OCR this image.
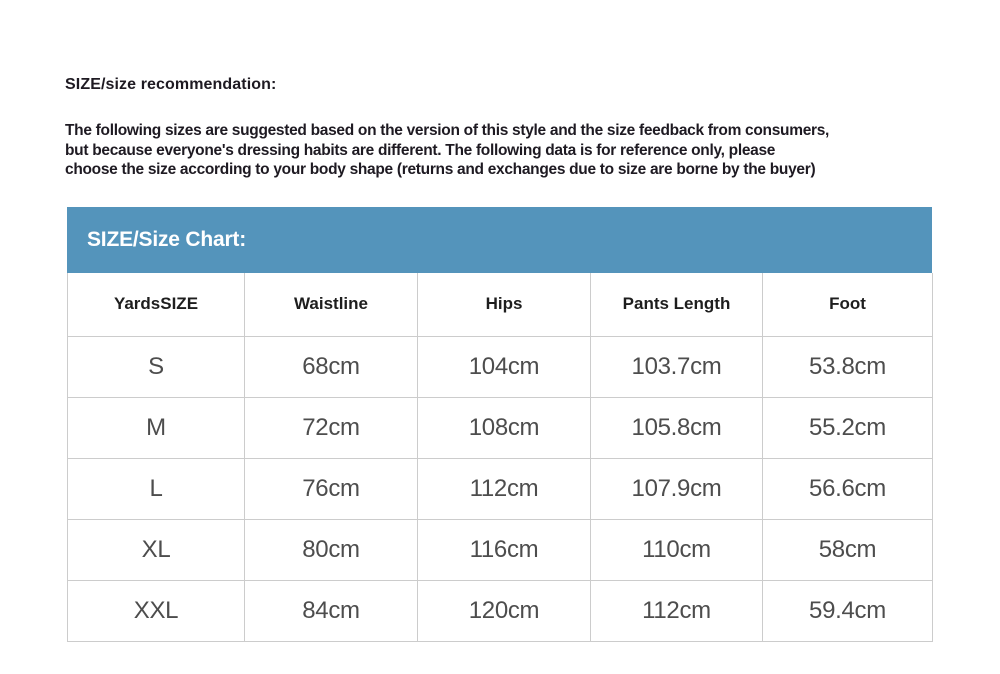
SIZE/size recommendation:
The following sizes are suggested based on the version of this style and the size feedback from consumers,
but because everyone's dressing habits are different. The following data is for reference only, please
choose the size according to your body shape (returns and exchanges due to size are borne by the buyer)
SIZE/Size Chart:
YardsSIZE	Waistline	Hips	Pants Length	Foot
S	68cm	104cm	103.7cm	53.8cm
M	72cm	108cm	105.8cm	55.2cm
L	76cm	112cm	107.9cm	56.6cm
XL	80cm	116cm	110cm	58cm
XXL	84cm	120cm	112cm	59.4cm
